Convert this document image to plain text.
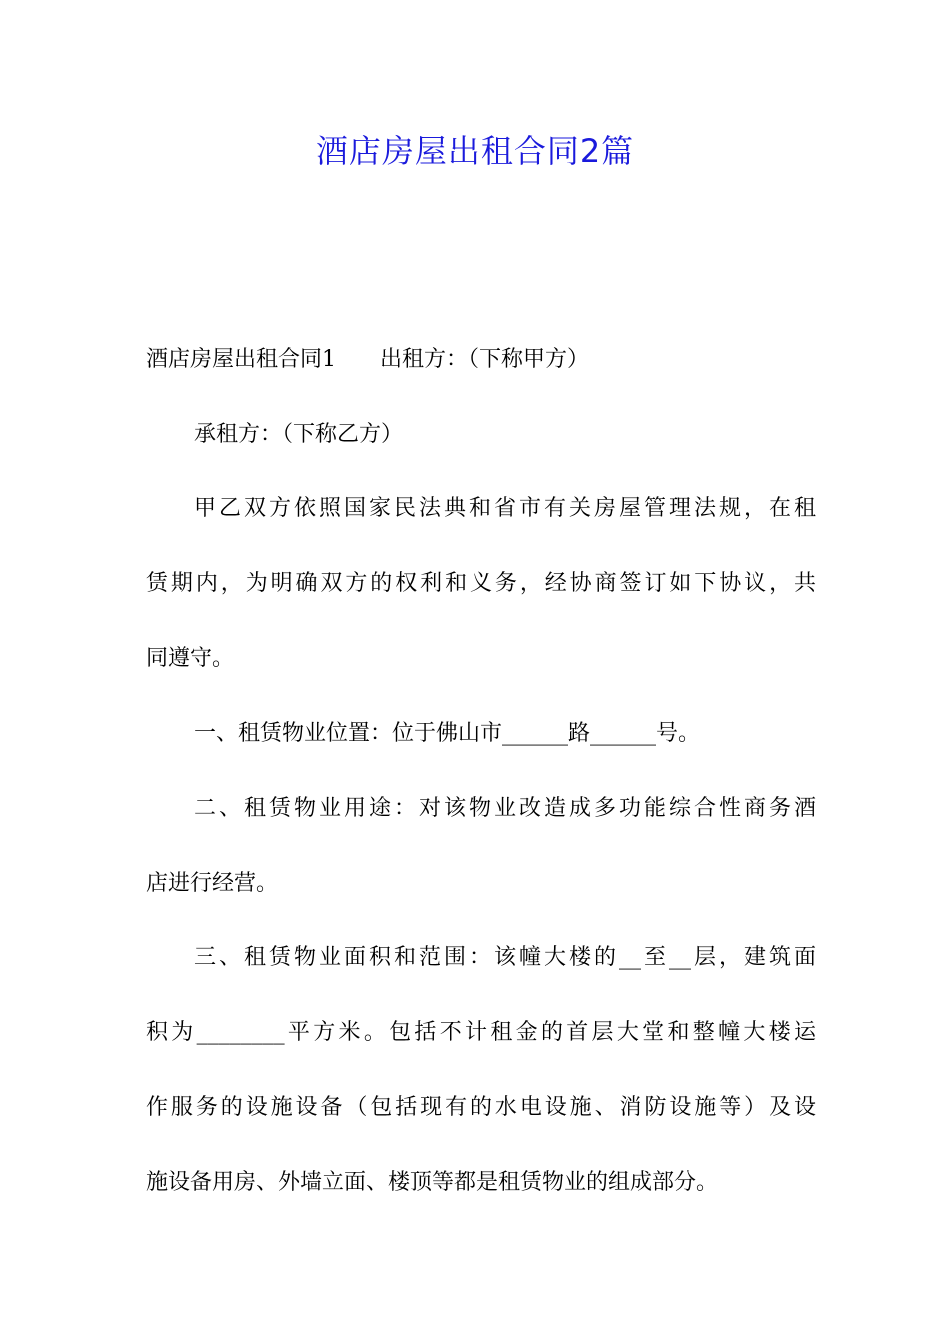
酒店房屋出租合同2篇
酒店房屋出租合同1　　出租方：（下称甲方）
承租方：（下称乙方）
甲乙双方依照国家民法典和省市有关房屋管理法规，在租
赁期内，为明确双方的权利和义务，经协商签订如下协议，共
同遵守。
一、租赁物业位置：位于佛山市______路______号。
二、租赁物业用途：对该物业改造成多功能综合性商务酒
店进行经营。
三、租赁物业面积和范围：该幢大楼的__至__层，建筑面
积为________平方米。包括不计租金的首层大堂和整幢大楼运
作服务的设施设备（包括现有的水电设施、消防设施等）及设
施设备用房、外墙立面、楼顶等都是租赁物业的组成部分。
